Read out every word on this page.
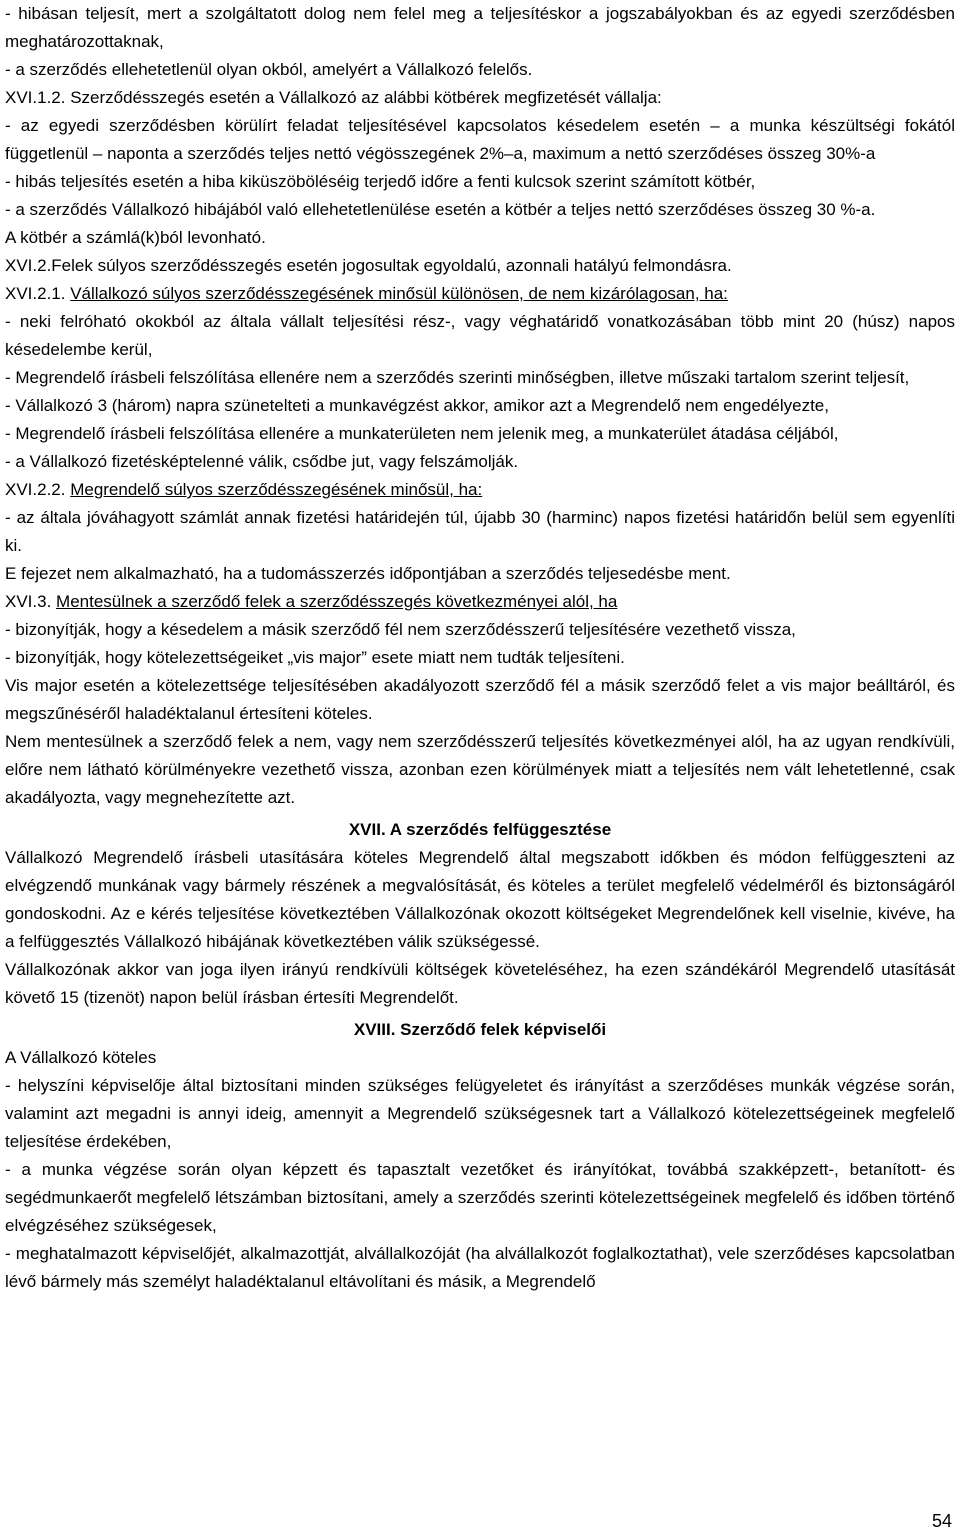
- hibásan teljesít, mert a szolgáltatott dolog nem felel meg a teljesítéskor a jogszabályokban és az egyedi szerződésben meghatározottaknak,

- a szerződés ellehetetlenül olyan okból, amelyért a Vállalkozó felelős.

XVI.1.2. Szerződésszegés esetén a Vállalkozó az alábbi kötbérek megfizetését vállalja:

- az egyedi szerződésben körülírt feladat teljesítésével kapcsolatos késedelem esetén – a munka készültségi fokától függetlenül – naponta a szerződés teljes nettó végösszegének 2%–a, maximum a nettó szerződéses összeg 30%-a

- hibás teljesítés esetén a hiba kiküszöböléséig terjedő időre a fenti kulcsok szerint számított kötbér,

- a szerződés Vállalkozó hibájából való ellehetetlenülése esetén a kötbér a teljes nettó szerződéses összeg 30 %-a.

A kötbér a számlá(k)ból levonható.

XVI.2.Felek súlyos szerződésszegés esetén jogosultak egyoldalú, azonnali hatályú felmondásra.

XVI.2.1. Vállalkozó súlyos szerződésszegésének minősül különösen, de nem kizárólagosan, ha:

- neki felróható okokból az általa vállalt teljesítési rész-, vagy véghatáridő vonatkozásában több mint 20 (húsz) napos késedelembe kerül,

- Megrendelő írásbeli felszólítása ellenére nem a szerződés szerinti minőségben, illetve műszaki tartalom szerint teljesít,

- Vállalkozó 3 (három) napra szünetelteti a munkavégzést akkor, amikor azt a Megrendelő nem engedélyezte,

- Megrendelő írásbeli felszólítása ellenére a munkaterületen nem jelenik meg, a munkaterület átadása céljából,

- a Vállalkozó fizetésképtelenné válik, csődbe jut, vagy felszámolják.

XVI.2.2. Megrendelő súlyos szerződésszegésének minősül, ha:

- az általa jóváhagyott számlát annak fizetési határidején túl, újabb 30 (harminc) napos fizetési határidőn belül sem egyenlíti ki.

E fejezet nem alkalmazható, ha a tudomásszerzés időpontjában a szerződés teljesedésbe ment.

XVI.3. Mentesülnek a szerződő felek a szerződésszegés következményei alól, ha

- bizonyítják, hogy a késedelem a másik szerződő fél nem szerződésszerű teljesítésére vezethető vissza,

- bizonyítják, hogy kötelezettségeiket „vis major” esete miatt nem tudták teljesíteni.

Vis major esetén a kötelezettsége teljesítésében akadályozott szerződő fél a másik szerződő felet a vis major beálltáról, és megszűnéséről haladéktalanul értesíteni köteles.

Nem mentesülnek a szerződő felek a nem, vagy nem szerződésszerű teljesítés következményei alól, ha az ugyan rendkívüli, előre nem látható körülményekre vezethető vissza, azonban ezen körülmények miatt a teljesítés nem vált lehetetlenné, csak akadályozta, vagy megnehezítette azt.

XVII. A szerződés felfüggesztése

Vállalkozó Megrendelő írásbeli utasítására köteles Megrendelő által megszabott időkben és módon felfüggeszteni az elvégzendő munkának vagy bármely részének a megvalósítását, és köteles a terület megfelelő védelméről és biztonságáról gondoskodni. Az e kérés teljesítése következtében Vállalkozónak okozott költségeket Megrendelőnek kell viselnie, kivéve, ha a felfüggesztés Vállalkozó hibájának következtében válik szükségessé.

Vállalkozónak akkor van joga ilyen irányú rendkívüli költségek követeléséhez, ha ezen szándékáról Megrendelő utasítását követő 15 (tizenöt) napon belül írásban értesíti Megrendelőt.

XVIII. Szerződő felek képviselői

A Vállalkozó köteles

- helyszíni képviselője által biztosítani minden szükséges felügyeletet és irányítást a szerződéses munkák végzése során, valamint azt megadni is annyi ideig, amennyit a Megrendelő szükségesnek tart a Vállalkozó kötelezettségeinek megfelelő teljesítése érdekében,

- a munka végzése során olyan képzett és tapasztalt vezetőket és irányítókat, továbbá szakképzett-, betanított- és segédmunkaerőt megfelelő létszámban biztosítani, amely a szerződés szerinti kötelezettségeinek megfelelő és időben történő elvégzéséhez szükségesek,

- meghatalmazott képviselőjét, alkalmazottját, alvállalkozóját (ha alvállalkozót foglalkoztathat), vele szerződéses kapcsolatban lévő bármely más személyt haladéktalanul eltávolítani és másik, a Megrendelő

54
